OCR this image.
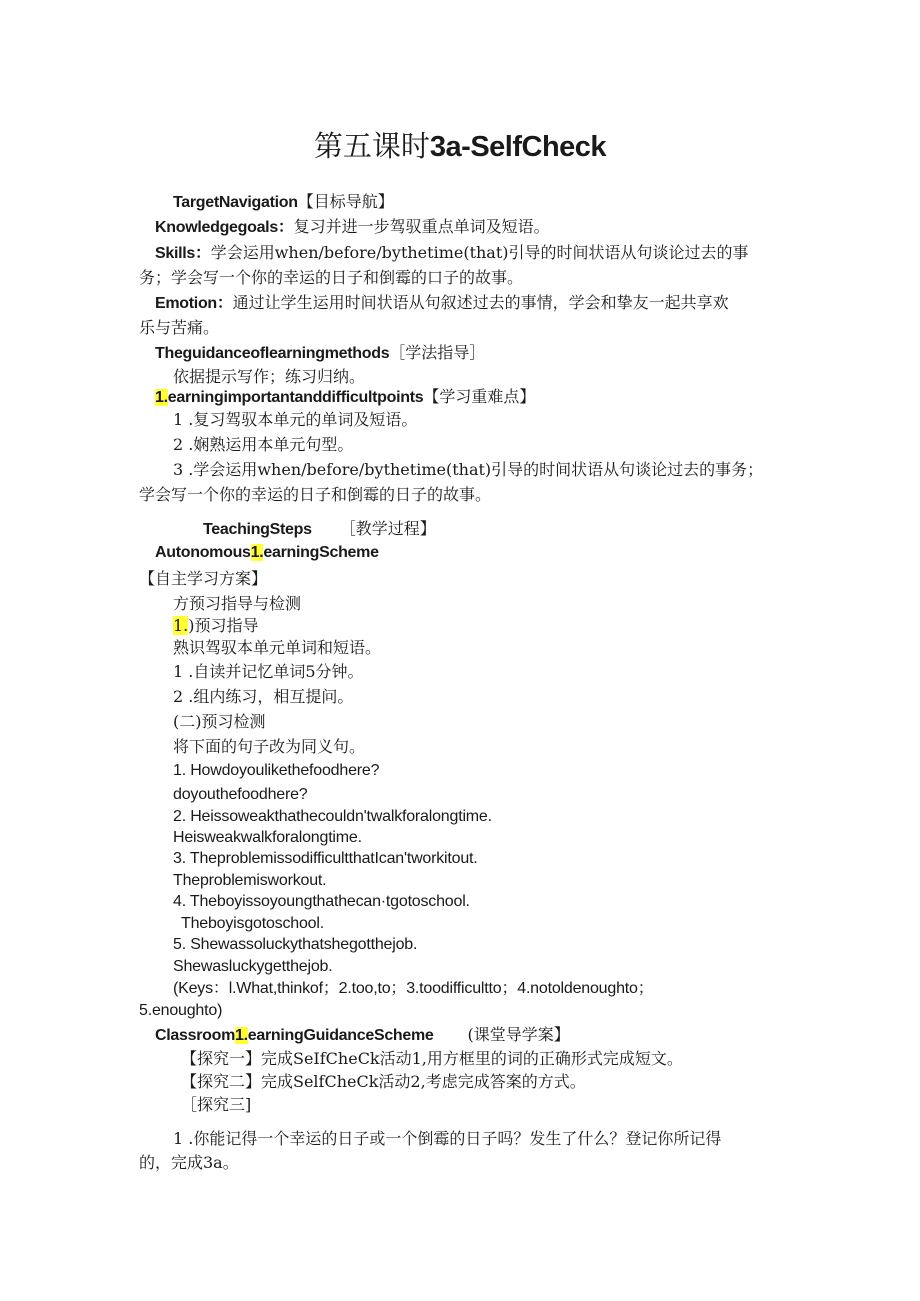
第五课时3a-SelfCheck
TargetNavigation【目标导航】
Knowledgegoals：复习并进一步驾驭重点单词及短语。
Skills：学会运用when/before/bythetime(that)引导的时间状语从句谈论过去的事
务；学会写一个你的幸运的日子和倒霉的口子的故事。
Emotion：通过让学生运用时间状语从句叙述过去的事情，学会和挚友一起共享欢
乐与苦痛。
Theguidanceoflearningmethods［学法指导］
依据提示写作；练习归纳。
1.earningimportantanddifficultpoints【学习重难点】
1 .复习驾驭本单元的单词及短语。
2 .娴熟运用本单元句型。
3 .学会运用when/before/bythetime(that)引导的时间状语从句谈论过去的事务；
学会写一个你的幸运的日子和倒霉的日子的故事。
TeachingSteps ［教学过程】
Autonomous1.earningScheme
【自主学习方案】
方预习指导与检测
1.)预习指导
熟识驾驭本单元单词和短语。
1 .自读并记忆单词5分钟。
2 .组内练习，相互提问。
(二)预习检测
将下面的句子改为同义句。
1. Howdoyoulikethefoodhere?
doyouthefoodhere?
2. Heissoweakthathecouldn'twalkforalongtime.
Heisweakwalkforalongtime.
3. TheproblemissodifficultthatIcan'tworkitout.
Theproblemisworkout.
4. Theboyissoyoungthathecan·tgotoschool.
Theboyisgotoschool.
5. Shewassoluckythatshegotthejob.
Shewasluckygetthejob.
(Keys：l.What,thinkof；2.too,to；3.toodifficultto；4.notoldenoughto；
5.enoughto)
Classroom1.earningGuidanceScheme (课堂导学案】
【探究一】完成SeIfCheCk活动1,用方框里的词的正确形式完成短文。
【探究二】完成SelfCheCk活动2,考虑完成答案的方式。
［探究三]
1 .你能记得一个幸运的日子或一个倒霉的日子吗？发生了什么？登记你所记得
的，完成3a。
